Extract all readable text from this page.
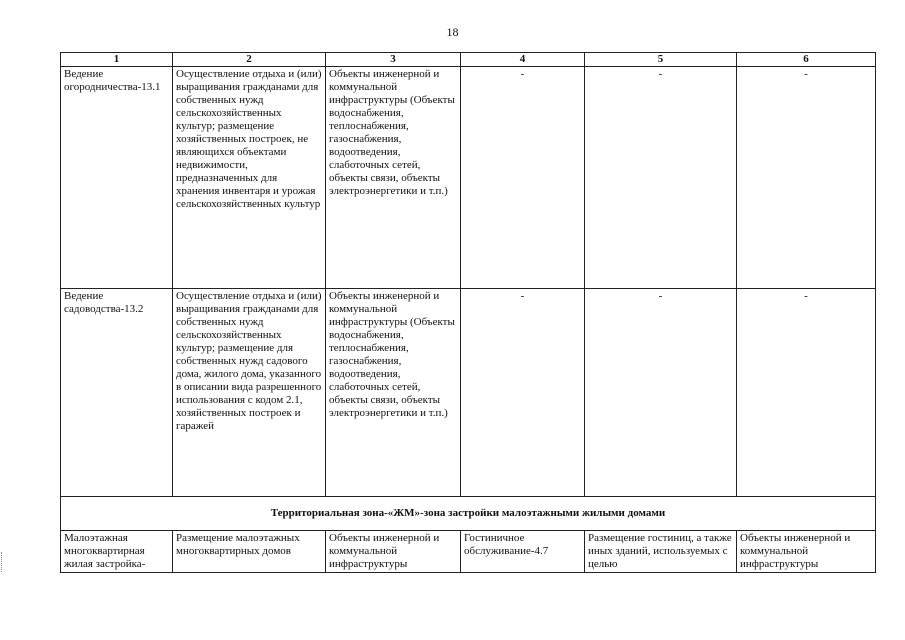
18
1	2	3	4	5	6
Ведение огородничества-13.1	Осуществление отдыха и (или) выращивания гражданами для собственных нужд сельскохозяйственных культур; размещение хозяйственных построек, не являющихся объектами недвижимости, предназначенных для хранения инвентаря и урожая сельскохозяйственных культур	Объекты инженерной и коммунальной инфраструктуры (Объекты водоснабжения, теплоснабжения, газоснабжения, водоотведения, слаботочных сетей, объекты связи, объекты электроэнергетики и т.п.)	-	-	-
Ведение садоводства-13.2	Осуществление отдыха и (или) выращивания гражданами для собственных нужд сельскохозяйственных культур; размещение для собственных нужд садового дома, жилого дома, указанного в описании вида разрешенного использования с кодом 2.1, хозяйственных построек и гаражей	Объекты инженерной и коммунальной инфраструктуры (Объекты водоснабжения, теплоснабжения, газоснабжения, водоотведения, слаботочных сетей, объекты связи, объекты электроэнергетики и т.п.)	-	-	-
Территориальная зона-«ЖМ»-зона застройки малоэтажными жилыми домами					
Малоэтажная многоквартирная жилая застройка-	Размещение малоэтажных многоквартирных домов	Объекты инженерной и коммунальной инфраструктуры	Гостиничное обслуживание-4.7	Размещение гостиниц, а также иных зданий, используемых с целью	Объекты инженерной и коммунальной инфраструктуры
